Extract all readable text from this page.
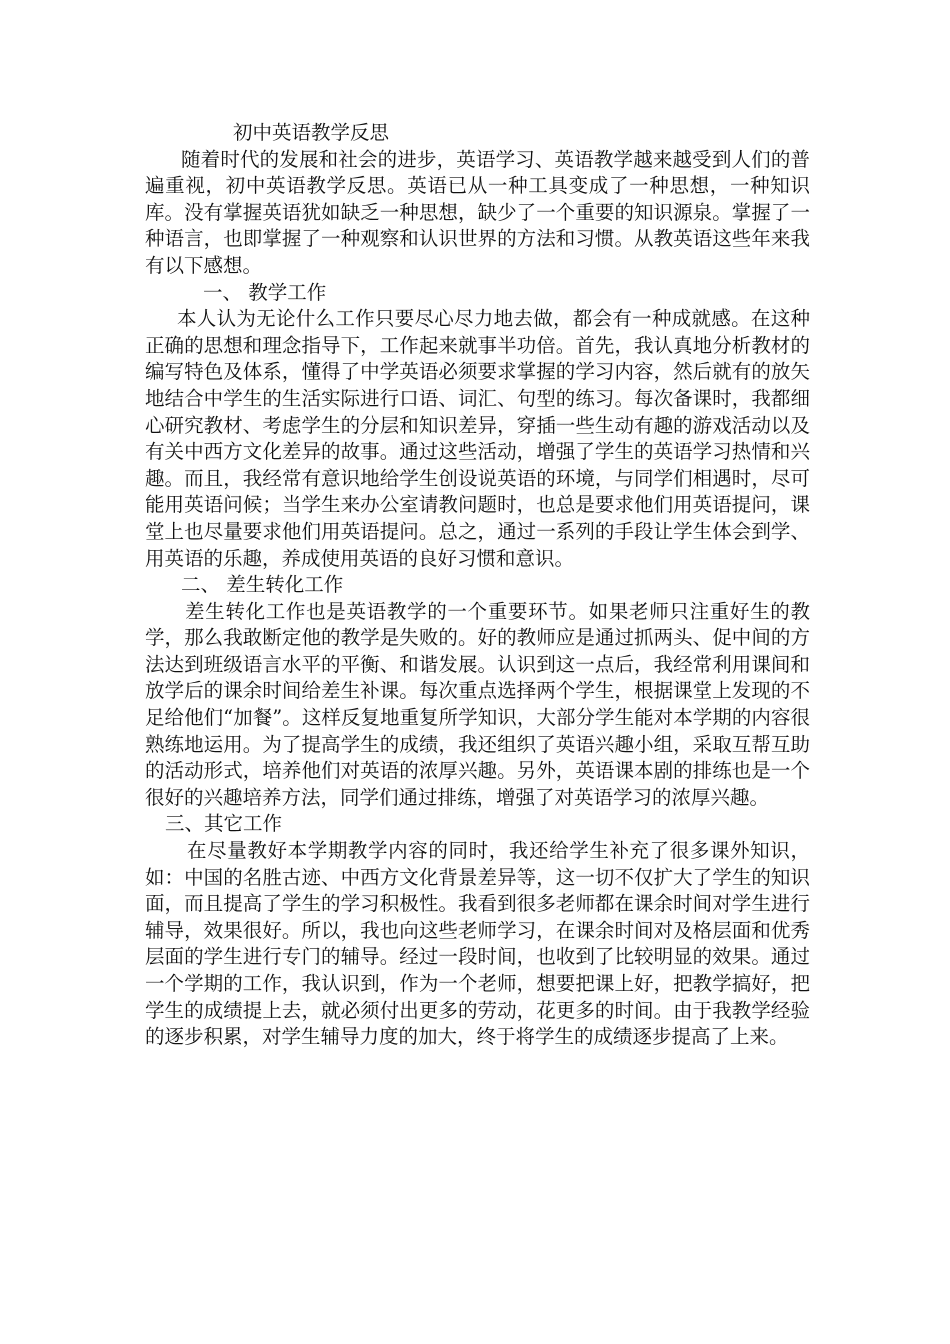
初中英语教学反思

随着时代的发展和社会的进步，英语学习、英语教学越来越受到人们的普遍重视，初中英语教学反思。英语已从一种工具变成了一种思想，一种知识库。没有掌握英语犹如缺乏一种思想，缺少了一个重要的知识源泉。掌握了一种语言，也即掌握了一种观察和认识世界的方法和习惯。从教英语这些年来我有以下感想。

一、 教学工作

本人认为无论什么工作只要尽心尽力地去做，都会有一种成就感。在这种正确的思想和理念指导下，工作起来就事半功倍。首先，我认真地分析教材的编写特色及体系，懂得了中学英语必须要求掌握的学习内容，然后就有的放矢地结合中学生的生活实际进行口语、词汇、句型的练习。每次备课时，我都细心研究教材、考虑学生的分层和知识差异，穿插一些生动有趣的游戏活动以及有关中西方文化差异的故事。通过这些活动，增强了学生的英语学习热情和兴趣。而且，我经常有意识地给学生创设说英语的环境，与同学们相遇时，尽可能用英语问候；当学生来办公室请教问题时，也总是要求他们用英语提问，课堂上也尽量要求他们用英语提问。总之，通过一系列的手段让学生体会到学、用英语的乐趣，养成使用英语的良好习惯和意识。

二、 差生转化工作

差生转化工作也是英语教学的一个重要环节。如果老师只注重好生的教学，那么我敢断定他的教学是失败的。好的教师应是通过抓两头、促中间的方法达到班级语言水平的平衡、和谐发展。认识到这一点后，我经常利用课间和放学后的课余时间给差生补课。每次重点选择两个学生，根据课堂上发现的不足给他们“加餐”。这样反复地重复所学知识，大部分学生能对本学期的内容很熟练地运用。为了提高学生的成绩，我还组织了英语兴趣小组，采取互帮互助的活动形式，培养他们对英语的浓厚兴趣。另外，英语课本剧的排练也是一个很好的兴趣培养方法，同学们通过排练，增强了对英语学习的浓厚兴趣。

三、其它工作

在尽量教好本学期教学内容的同时，我还给学生补充了很多课外知识，如：中国的名胜古迹、中西方文化背景差异等，这一切不仅扩大了学生的知识面，而且提高了学生的学习积极性。我看到很多老师都在课余时间对学生进行辅导，效果很好。所以，我也向这些老师学习，在课余时间对及格层面和优秀层面的学生进行专门的辅导。经过一段时间，也收到了比较明显的效果。通过一个学期的工作，我认识到，作为一个老师，想要把课上好，把教学搞好，把学生的成绩提上去，就必须付出更多的劳动，花更多的时间。由于我教学经验的逐步积累，对学生辅导力度的加大，终于将学生的成绩逐步提高了上来。
